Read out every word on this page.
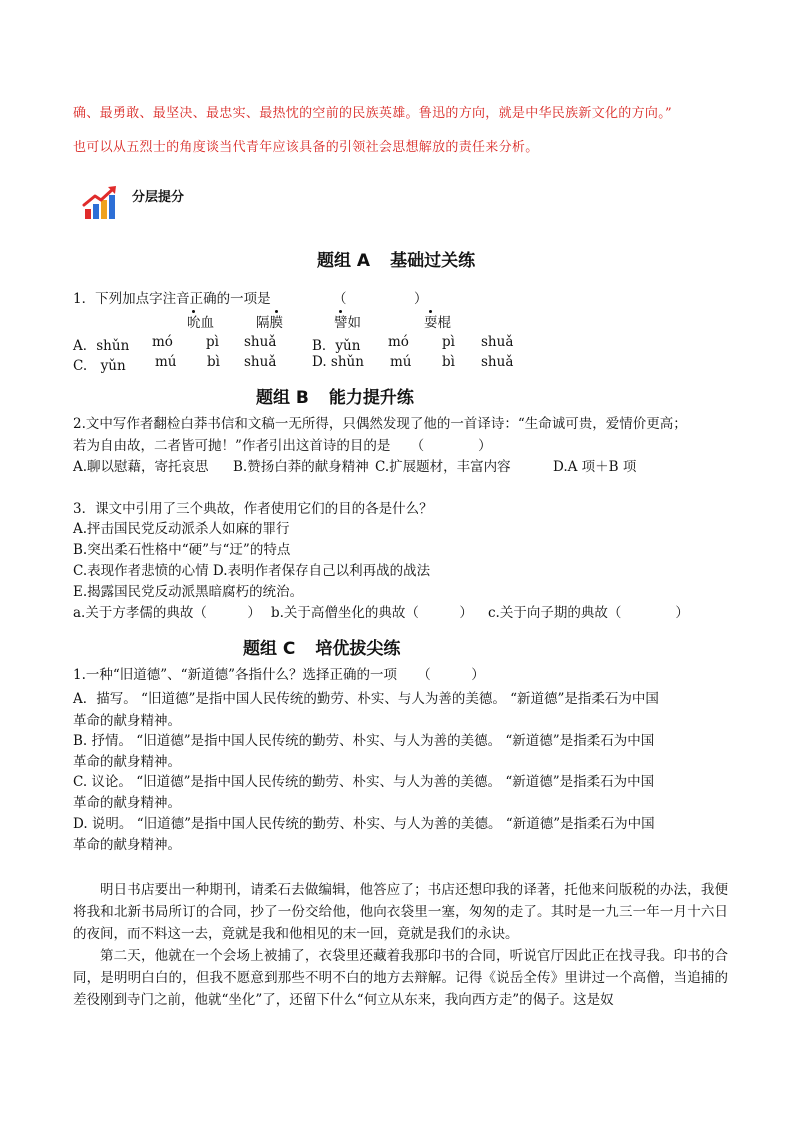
确、最勇敢、最坚决、最忠实、最热忱的空前的民族英雄。鲁迅的方向，就是中华民族新文化的方向。”
也可以从五烈士的角度谈当代青年应该具备的引领社会思想解放的责任来分析。
分层提分
题组 A 基础过关练
1．下列加点字注音正确的一项是	（　　　　　）
吮血	隔膜	譬如	耍棍
A．shǔn mó pì shuǎ	B．yǔn mó pì shuǎ
C.　yǔn mú bì shuǎ	D. shǔn mú bì shuǎ
题组 B 能力提升练
2.文中写作者翻检白莽书信和文稿一无所得，只偶然发现了他的一首译诗：“生命诚可贵，爱情价更高；
若为自由故，二者皆可抛！”作者引出这首诗的目的是　　（　　　　）
A.聊以慰藉，寄托哀思 B.赞扬白莽的献身精神 C.扩展题材，丰富内容	D.A 项＋B 项
3．课文中引用了三个典故，作者使用它们的目的各是什么？
A.抨击国民党反动派杀人如麻的罪行
B.突出柔石性格中“硬”与“迂”的特点
C.表现作者悲愤的心情 D.表明作者保存自己以利再战的战法
E.揭露国民党反动派黑暗腐朽的统治。
a.关于方孝儒的典故（　　　） b.关于高僧坐化的典故（　　　） c.关于向子期的典故（　　　　）
题组 C 培优拔尖练
1.一种“旧道德”、“新道德”各指什么？选择正确的一项　　（　　　）
A．描写。 “旧道德”是指中国人民传统的勤劳、朴实、与人为善的美德。 “新道德”是指柔石为中国
革命的献身精神。
B. 抒情。 “旧道德”是指中国人民传统的勤劳、朴实、与人为善的美德。 “新道德”是指柔石为中国
革命的献身精神。
C. 议论。 “旧道德”是指中国人民传统的勤劳、朴实、与人为善的美德。 “新道德”是指柔石为中国
革命的献身精神。
D. 说明。 “旧道德”是指中国人民传统的勤劳、朴实、与人为善的美德。 “新道德”是指柔石为中国
革命的献身精神。

明日书店要出一种期刊，请柔石去做编辑，他答应了；书店还想印我的译著，托他来问版税的办法，我便将我和北新书局所订的合同，抄了一份交给他，他向衣袋里一塞，匆匆的走了。其时是一九三一年一月十六日的夜间，而不料这一去，竟就是我和他相见的末一回，竟就是我们的永诀。

第二天，他就在一个会场上被捕了，衣袋里还藏着我那印书的合同，听说官厅因此正在找寻我。印书的合同，是明明白白的，但我不愿意到那些不明不白的地方去辩解。记得《说岳全传》里讲过一个高僧，当追捕的差役刚到寺门之前，他就“坐化”了，还留下什么“何立从东来，我向西方走”的偈子。这是奴
